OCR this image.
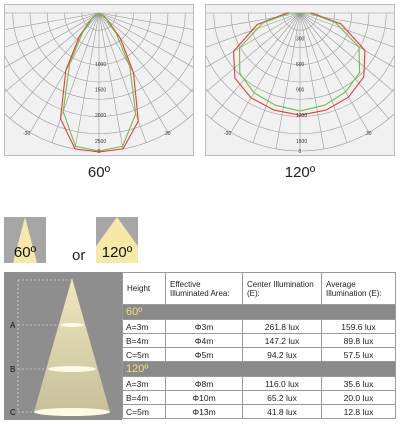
1000
1500
2000
2500
-30	30
0
300
600
900
1200
1500
-30	30
0
60º	120º
60º	or	120º
A
B
C
Height	Effective Illuminated Area:	Center Illumination (E):	Average Illumination (E):
60º			
A=3m	Φ3m	261.8 lux	159.6 lux
B=4m	Φ4m	147.2 lux	89.8 lux
C=5m	Φ5m	94.2 lux	57.5 lux
120º			
A=3m	Φ8m	116.0 lux	35.6 lux
B=4m	Φ10m	65.2 lux	20.0 lux
C=5m	Φ13m	41.8 lux	12.8 lux
